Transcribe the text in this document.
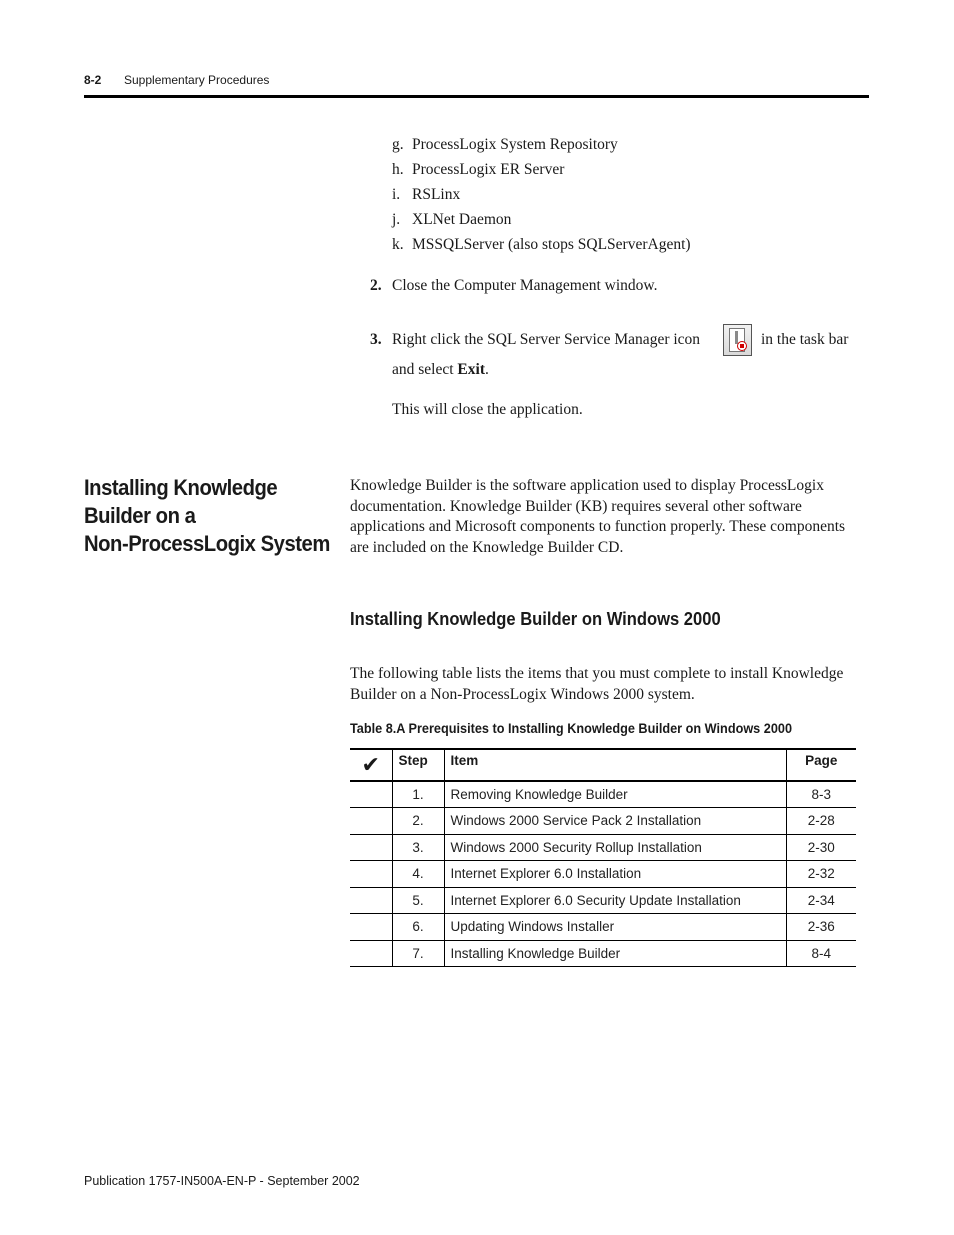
8-2 Supplementary Procedures
g. ProcessLogix System Repository
h. ProcessLogix ER Server
i. RSLinx
j. XLNet Daemon
k. MSSQLServer (also stops SQLServerAgent)
2. Close the Computer Management window.
3. Right click the SQL Server Service Manager icon	in the task bar
and select Exit.
This will close the application.
Installing Knowledge
Builder on a
Non-ProcessLogix System
Knowledge Builder is the software application used to display ProcessLogix documentation. Knowledge Builder (KB) requires several other software applications and Microsoft components to function properly. These components are included on the Knowledge Builder CD.
Installing Knowledge Builder on Windows 2000
The following table lists the items that you must complete to install Knowledge Builder on a Non-ProcessLogix Windows 2000 system.
Table 8.A Prerequisites to Installing Knowledge Builder on Windows 2000
✔	Step	Item	Page
	1.	Removing Knowledge Builder	8-3
	2.	Windows 2000 Service Pack 2 Installation	2-28
	3.	Windows 2000 Security Rollup Installation	2-30
	4.	Internet Explorer 6.0 Installation	2-32
	5.	Internet Explorer 6.0 Security Update Installation	2-34
	6.	Updating Windows Installer	2-36
	7.	Installing Knowledge Builder	8-4
Publication 1757-IN500A-EN-P - September 2002
